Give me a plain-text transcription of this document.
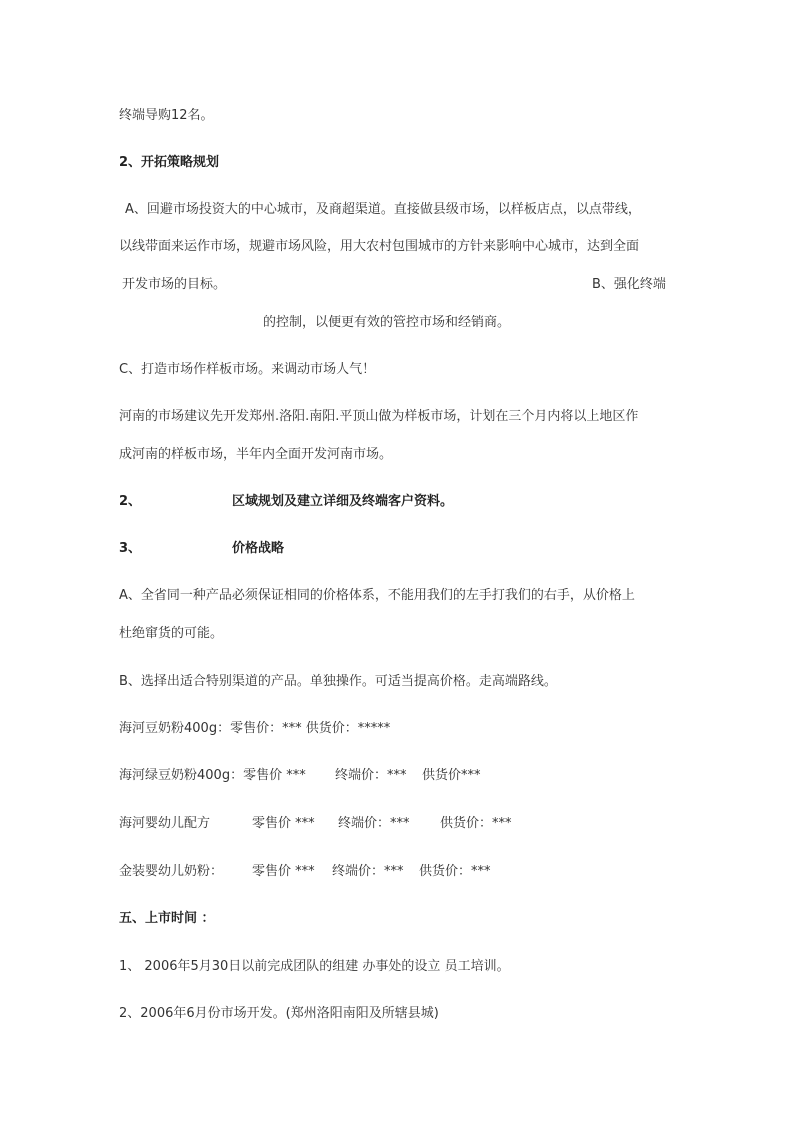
终端导购12名。
2、开拓策略规划
A、回避市场投资大的中心城市，及商超渠道。直接做县级市场，以样板店点，以点带线，
以线带面来运作市场，规避市场风险，用大农村包围城市的方针来影响中心城市，达到全面
开发市场的目标。	B、强化终端
的控制，以便更有效的管控市场和经销商。
C、打造市场作样板市场。来调动市场人气！
河南的市场建议先开发郑州.洛阳.南阳.平顶山做为样板市场，计划在三个月内将以上地区作
成河南的样板市场，半年内全面开发河南市场。
2、	区域规划及建立详细及终端客户资料。
3、	价格战略
A、全省同一种产品必须保证相同的价格体系，不能用我们的左手打我们的右手，从价格上
杜绝窜货的可能。
B、选择出适合特别渠道的产品。单独操作。可适当提高价格。走高端路线。
海河豆奶粉400g：零售价：*** 供货价：*****
海河绿豆奶粉400g：零售价 *** 终端价：*** 供货价***
海河婴幼儿配方	零售价 *** 终端价：*** 供货价：***
金装婴幼儿奶粉： 零售价 *** 终端价：*** 供货价：***
五、上市时间 ：
1、 2006年5月30日以前完成团队的组建 办事处的设立 员工培训。
2、2006年6月份市场开发。(郑州洛阳南阳及所辖县城)
